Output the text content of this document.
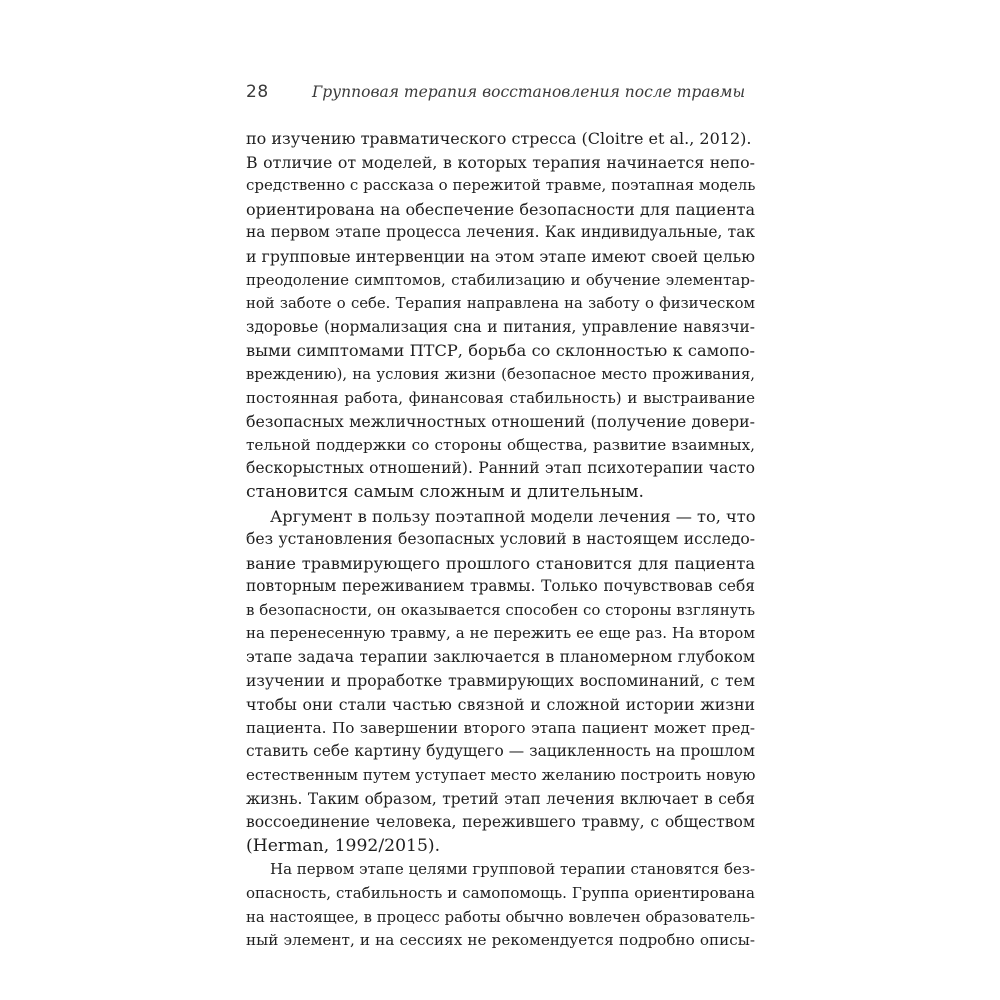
28	Групповая терапия восстановления после травмы
по изучению травматического стресса (Cloitre et al., 2012).
В отличие от моделей, в которых терапия начинается непо-
средственно с рассказа о пережитой травме, поэтапная модель
ориентирована на обеспечение безопасности для пациента
на первом этапе процесса лечения. Как индивидуальные, так
и групповые интервенции на этом этапе имеют своей целью
преодоление симптомов, стабилизацию и обучение элементар-
ной заботе о себе. Терапия направлена на заботу о физическом
здоровье (нормализация сна и питания, управление навязчи-
выми симптомами ПТСР, борьба со склонностью к самопо-
вреждению), на условия жизни (безопасное место проживания,
постоянная работа, финансовая стабильность) и выстраивание
безопасных межличностных отношений (получение довери-
тельной поддержки со стороны общества, развитие взаимных,
бескорыстных отношений). Ранний этап психотерапии часто
становится самым сложным и длительным.
Аргумент в пользу поэтапной модели лечения — то, что
без установления безопасных условий в настоящем исследо-
вание травмирующего прошлого становится для пациента
повторным переживанием травмы. Только почувствовав себя
в безопасности, он оказывается способен со стороны взглянуть
на перенесенную травму, а не пережить ее еще раз. На втором
этапе задача терапии заключается в планомерном глубоком
изучении и проработке травмирующих воспоминаний, с тем
чтобы они стали частью связной и сложной истории жизни
пациента. По завершении второго этапа пациент может пред-
ставить себе картину будущего — зацикленность на прошлом
естественным путем уступает место желанию построить новую
жизнь. Таким образом, третий этап лечения включает в себя
воссоединение человека, пережившего травму, с обществом
(Herman, 1992/2015).
На первом этапе целями групповой терапии становятся без-
опасность, стабильность и самопомощь. Группа ориентирована
на настоящее, в процесс работы обычно вовлечен образователь-
ный элемент, и на сессиях не рекомендуется подробно описы-
